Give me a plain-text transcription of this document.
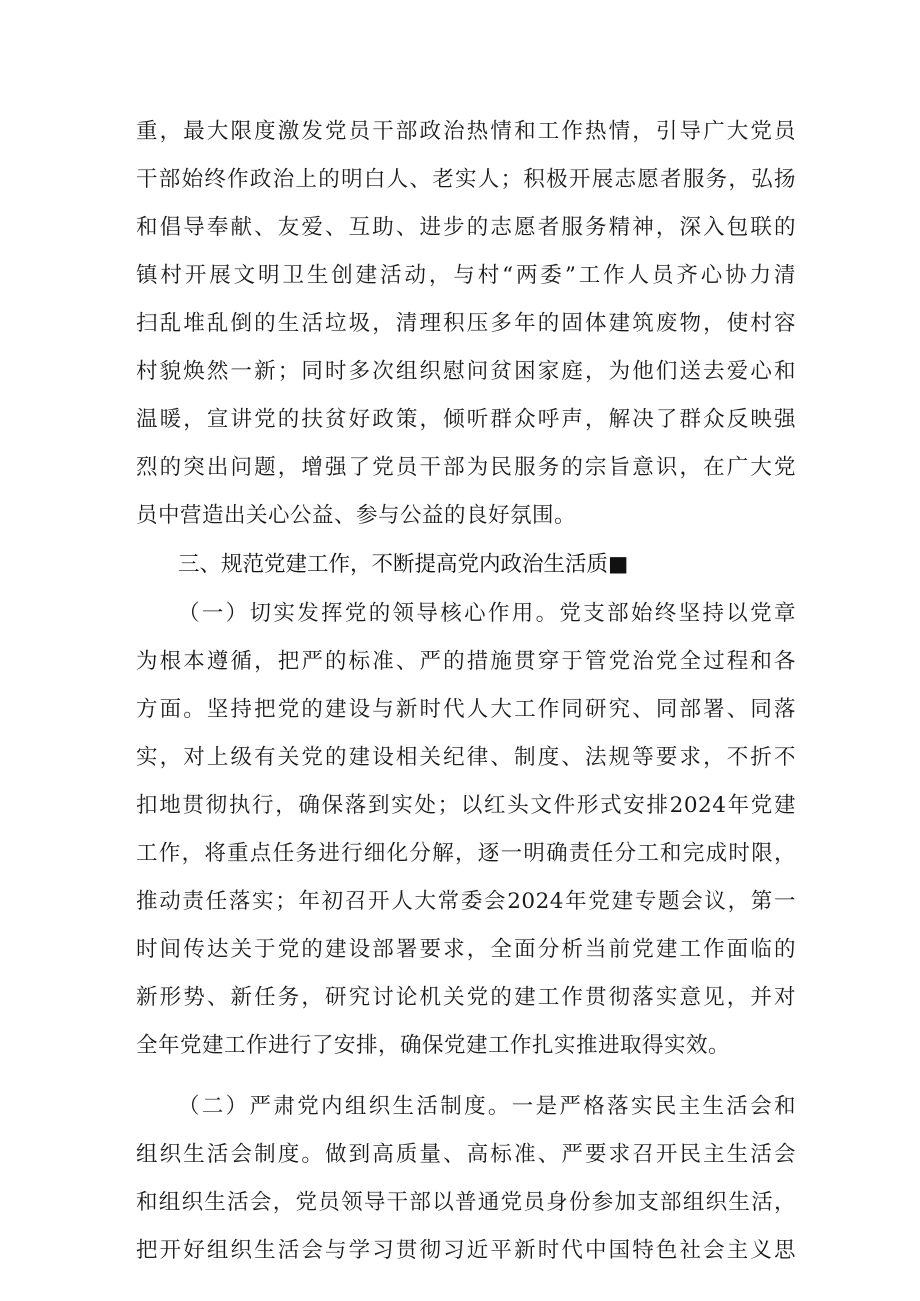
重，最大限度激发党员干部政治热情和工作热情，引导广大党员
干部始终作政治上的明白人、老实人；积极开展志愿者服务，弘扬
和倡导奉献、友爱、互助、进步的志愿者服务精神，深入包联的
镇村开展文明卫生创建活动，与村“两委”工作人员齐心协力清
扫乱堆乱倒的生活垃圾，清理积压多年的固体建筑废物，使村容
村貌焕然一新；同时多次组织慰问贫困家庭，为他们送去爱心和
温暖，宣讲党的扶贫好政策，倾听群众呼声，解决了群众反映强
烈的突出问题，增强了党员干部为民服务的宗旨意识，在广大党
员中营造出关心公益、参与公益的良好氛围。
三、规范党建工作，不断提高党内政治生活质■
（一）切实发挥党的领导核心作用。党支部始终坚持以党章
为根本遵循，把严的标准、严的措施贯穿于管党治党全过程和各
方面。坚持把党的建设与新时代人大工作同研究、同部署、同落
实，对上级有关党的建设相关纪律、制度、法规等要求，不折不
扣地贯彻执行，确保落到实处；以红头文件形式安排2024年党建
工作，将重点任务进行细化分解，逐一明确责任分工和完成时限，
推动责任落实；年初召开人大常委会2024年党建专题会议，第一
时间传达关于党的建设部署要求，全面分析当前党建工作面临的
新形势、新任务，研究讨论机关党的建工作贯彻落实意见，并对
全年党建工作进行了安排，确保党建工作扎实推进取得实效。
（二）严肃党内组织生活制度。一是严格落实民主生活会和
组织生活会制度。做到高质量、高标准、严要求召开民主生活会
和组织生活会，党员领导干部以普通党员身份参加支部组织生活，
把开好组织生活会与学习贯彻习近平新时代中国特色社会主义思
